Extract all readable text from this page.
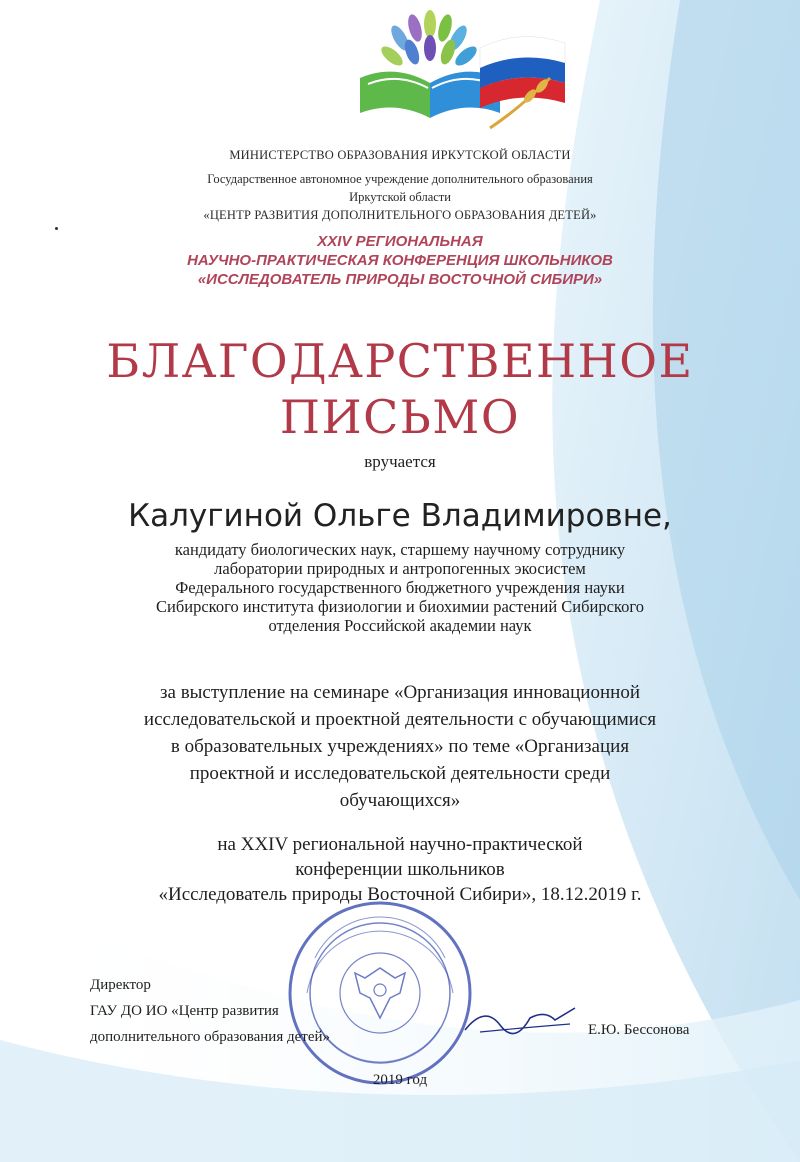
МИНИСТЕРСТВО ОБРАЗОВАНИЯ ИРКУТСКОЙ ОБЛАСТИ
Государственное автономное учреждение дополнительного образования
Иркутской области
«ЦЕНТР РАЗВИТИЯ ДОПОЛНИТЕЛЬНОГО ОБРАЗОВАНИЯ ДЕТЕЙ»
XXIV РЕГИОНАЛЬНАЯ
НАУЧНО-ПРАКТИЧЕСКАЯ КОНФЕРЕНЦИЯ ШКОЛЬНИКОВ
«ИССЛЕДОВАТЕЛЬ ПРИРОДЫ ВОСТОЧНОЙ СИБИРИ»
БЛАГОДАРСТВЕННОЕ
ПИСЬМО
вручается
Калугиной Ольге Владимировне,
кандидату биологических наук, старшему научному сотруднику
лаборатории природных и антропогенных экосистем
Федерального государственного бюджетного учреждения науки
Сибирского института физиологии и биохимии растений Сибирского
отделения Российской академии наук
за выступление на семинаре «Организация инновационной
исследовательской и проектной деятельности с обучающимися
в образовательных учреждениях» по теме «Организация
проектной и исследовательской деятельности среди
обучающихся»
на XXIV региональной научно-практической
конференции школьников
«Исследователь природы Восточной Сибири», 18.12.2019 г.
Директор
ГАУ ДО ИО «Центр развития
дополнительного образования детей»	Е.Ю. Бессонова
2019 год
